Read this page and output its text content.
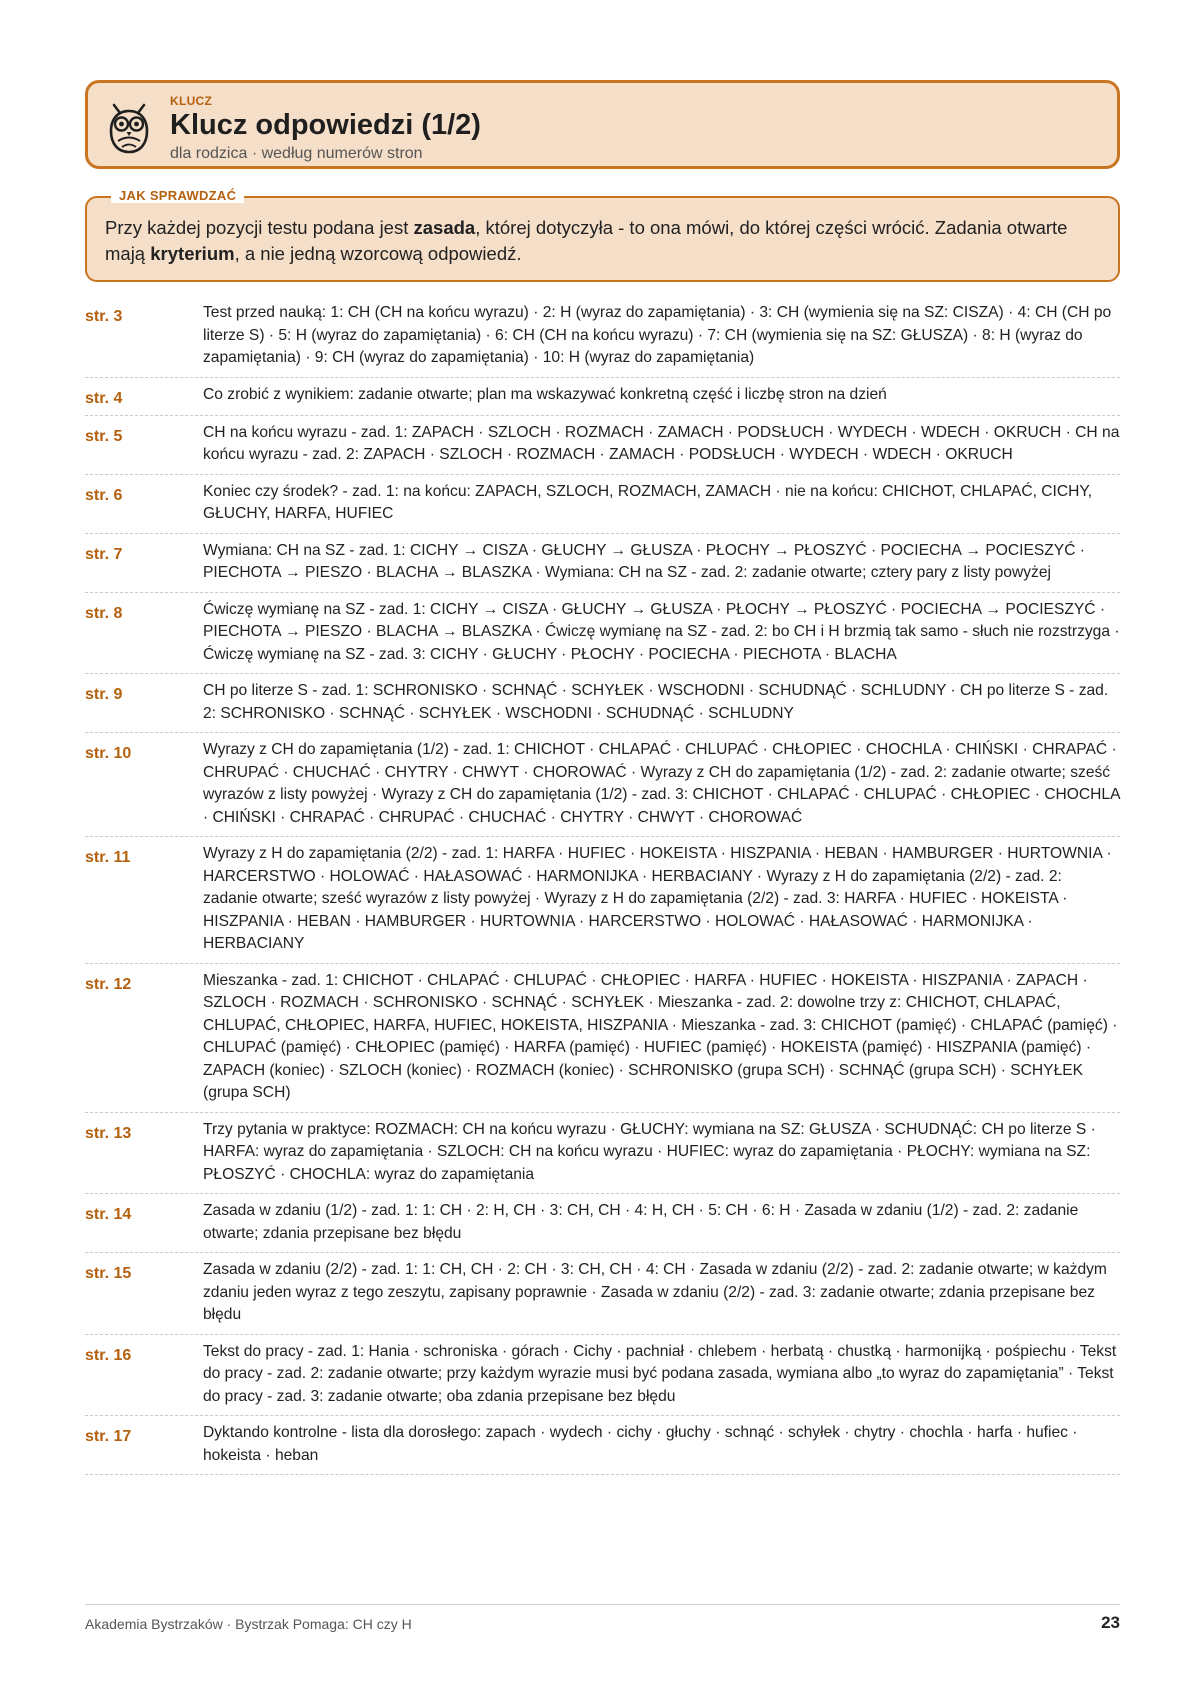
KLUCZ
Klucz odpowiedzi (1/2)
dla rodzica · według numerów stron
JAK SPRAWDZAĆ
Przy każdej pozycji testu podana jest zasada, której dotyczyła - to ona mówi, do której części wrócić. Zadania otwarte mają kryterium, a nie jedną wzorcową odpowiedź.
str. 3	Test przed nauką: 1: CH (CH na końcu wyrazu) · 2: H (wyraz do zapamiętania) · 3: CH (wymienia się na SZ: CISZA) · 4: CH (CH po literze S) · 5: H (wyraz do zapamiętania) · 6: CH (CH na końcu wyrazu) · 7: CH (wymienia się na SZ: GŁUSZA) · 8: H (wyraz do zapamiętania) · 9: CH (wyraz do zapamiętania) · 10: H (wyraz do zapamiętania)
str. 4	Co zrobić z wynikiem: zadanie otwarte; plan ma wskazywać konkretną część i liczbę stron na dzień
str. 5	CH na końcu wyrazu - zad. 1: ZAPACH · SZLOCH · ROZMACH · ZAMACH · PODSŁUCH · WYDECH · WDECH · OKRUCH · CH na końcu wyrazu - zad. 2: ZAPACH · SZLOCH · ROZMACH · ZAMACH · PODSŁUCH · WYDECH · WDECH · OKRUCH
str. 6	Koniec czy środek? - zad. 1: na końcu: ZAPACH, SZLOCH, ROZMACH, ZAMACH · nie na końcu: CHICHOT, CHLAPAĆ, CICHY, GŁUCHY, HARFA, HUFIEC
str. 7	Wymiana: CH na SZ - zad. 1: CICHY → CISZA · GŁUCHY → GŁUSZA · PŁOCHY → PŁOSZYĆ · POCIECHA → POCIESZYĆ · PIECHOTA → PIESZO · BLACHA → BLASZKA · Wymiana: CH na SZ - zad. 2: zadanie otwarte; cztery pary z listy powyżej
str. 8	Ćwiczę wymianę na SZ - zad. 1: CICHY → CISZA · GŁUCHY → GŁUSZA · PŁOCHY → PŁOSZYĆ · POCIECHA → POCIESZYĆ · PIECHOTA → PIESZO · BLACHA → BLASZKA · Ćwiczę wymianę na SZ - zad. 2: bo CH i H brzmią tak samo - słuch nie rozstrzyga · Ćwiczę wymianę na SZ - zad. 3: CICHY · GŁUCHY · PŁOCHY · POCIECHA · PIECHOTA · BLACHA
str. 9	CH po literze S - zad. 1: SCHRONISKO · SCHNĄĆ · SCHYŁEK · WSCHODNI · SCHUDNĄĆ · SCHLUDNY · CH po literze S - zad. 2: SCHRONISKO · SCHNĄĆ · SCHYŁEK · WSCHODNI · SCHUDNĄĆ · SCHLUDNY
str. 10	Wyrazy z CH do zapamiętania (1/2) - zad. 1: CHICHOT · CHLAPAĆ · CHLUPAĆ · CHŁOPIEC · CHOCHLA · CHIŃSKI · CHRAPAĆ · CHRUPAĆ · CHUCHAĆ · CHYTRY · CHWYT · CHOROWAĆ · Wyrazy z CH do zapamiętania (1/2) - zad. 2: zadanie otwarte; sześć wyrazów z listy powyżej · Wyrazy z CH do zapamiętania (1/2) - zad. 3: CHICHOT · CHLAPAĆ · CHLUPAĆ · CHŁOPIEC · CHOCHLA · CHIŃSKI · CHRAPAĆ · CHRUPAĆ · CHUCHAĆ · CHYTRY · CHWYT · CHOROWAĆ
str. 11	Wyrazy z H do zapamiętania (2/2) - zad. 1: HARFA · HUFIEC · HOKEISTA · HISZPANIA · HEBAN · HAMBURGER · HURTOWNIA · HARCERSTWO · HOLOWAĆ · HAŁASOWAĆ · HARMONIJKA · HERBACIANY · Wyrazy z H do zapamiętania (2/2) - zad. 2: zadanie otwarte; sześć wyrazów z listy powyżej · Wyrazy z H do zapamiętania (2/2) - zad. 3: HARFA · HUFIEC · HOKEISTA · HISZPANIA · HEBAN · HAMBURGER · HURTOWNIA · HARCERSTWO · HOLOWAĆ · HAŁASOWAĆ · HARMONIJKA · HERBACIANY
str. 12	Mieszanka - zad. 1: CHICHOT · CHLAPAĆ · CHLUPAĆ · CHŁOPIEC · HARFA · HUFIEC · HOKEISTA · HISZPANIA · ZAPACH · SZLOCH · ROZMACH · SCHRONISKO · SCHNĄĆ · SCHYŁEK · Mieszanka - zad. 2: dowolne trzy z: CHICHOT, CHLAPAĆ, CHLUPAĆ, CHŁOPIEC, HARFA, HUFIEC, HOKEISTA, HISZPANIA · Mieszanka - zad. 3: CHICHOT (pamięć) · CHLAPAĆ (pamięć) · CHLUPAĆ (pamięć) · CHŁOPIEC (pamięć) · HARFA (pamięć) · HUFIEC (pamięć) · HOKEISTA (pamięć) · HISZPANIA (pamięć) · ZAPACH (koniec) · SZLOCH (koniec) · ROZMACH (koniec) · SCHRONISKO (grupa SCH) · SCHNĄĆ (grupa SCH) · SCHYŁEK (grupa SCH)
str. 13	Trzy pytania w praktyce: ROZMACH: CH na końcu wyrazu · GŁUCHY: wymiana na SZ: GŁUSZA · SCHUDNĄĆ: CH po literze S · HARFA: wyraz do zapamiętania · SZLOCH: CH na końcu wyrazu · HUFIEC: wyraz do zapamiętania · PŁOCHY: wymiana na SZ: PŁOSZYĆ · CHOCHLA: wyraz do zapamiętania
str. 14	Zasada w zdaniu (1/2) - zad. 1: 1: CH · 2: H, CH · 3: CH, CH · 4: H, CH · 5: CH · 6: H · Zasada w zdaniu (1/2) - zad. 2: zadanie otwarte; zdania przepisane bez błędu
str. 15	Zasada w zdaniu (2/2) - zad. 1: 1: CH, CH · 2: CH · 3: CH, CH · 4: CH · Zasada w zdaniu (2/2) - zad. 2: zadanie otwarte; w każdym zdaniu jeden wyraz z tego zeszytu, zapisany poprawnie · Zasada w zdaniu (2/2) - zad. 3: zadanie otwarte; zdania przepisane bez błędu
str. 16	Tekst do pracy - zad. 1: Hania · schroniska · górach · Cichy · pachniał · chlebem · herbatą · chustką · harmonijką · pośpiechu · Tekst do pracy - zad. 2: zadanie otwarte; przy każdym wyrazie musi być podana zasada, wymiana albo „to wyraz do zapamiętania” · Tekst do pracy - zad. 3: zadanie otwarte; oba zdania przepisane bez błędu
str. 17	Dyktando kontrolne - lista dla dorosłego: zapach · wydech · cichy · głuchy · schnąć · schyłek · chytry · chochla · harfa · hufiec · hokeista · heban
Akademia Bystrzaków · Bystrzak Pomaga: CH czy H	23
